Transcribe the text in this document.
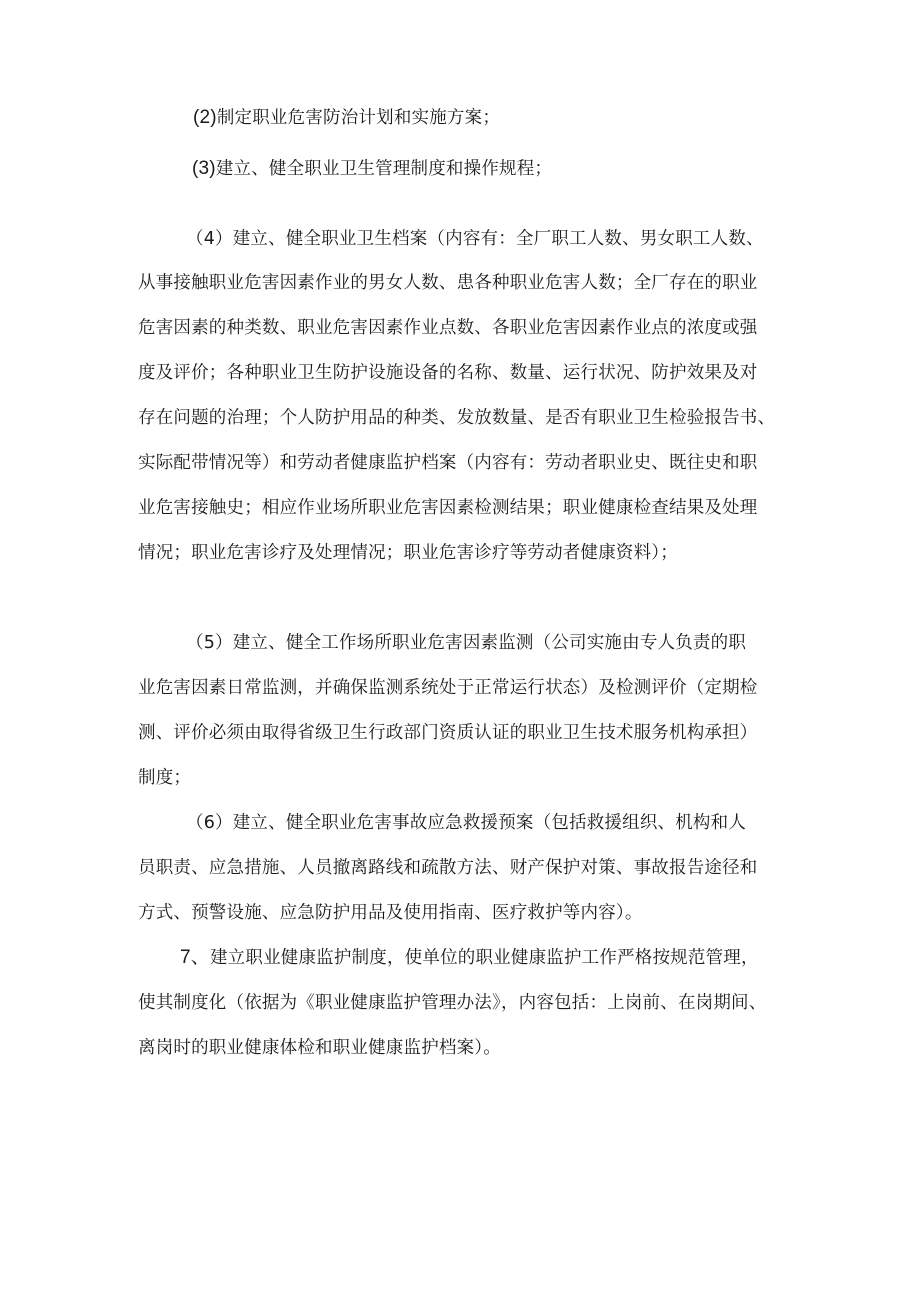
(2)制定职业危害防治计划和实施方案；
(3)建立、健全职业卫生管理制度和操作规程；
（4）建立、健全职业卫生档案（内容有：全厂职工人数、男女职工人数、
从事接触职业危害因素作业的男女人数、患各种职业危害人数；全厂存在的职业
危害因素的种类数、职业危害因素作业点数、各职业危害因素作业点的浓度或强
度及评价；各种职业卫生防护设施设备的名称、数量、运行状况、防护效果及对
存在问题的治理；个人防护用品的种类、发放数量、是否有职业卫生检验报告书、
实际配带情况等）和劳动者健康监护档案（内容有：劳动者职业史、既往史和职
业危害接触史；相应作业场所职业危害因素检测结果；职业健康检查结果及处理
情况；职业危害诊疗及处理情况；职业危害诊疗等劳动者健康资料）；
（5）建立、健全工作场所职业危害因素监测（公司实施由专人负责的职
业危害因素日常监测，并确保监测系统处于正常运行状态）及检测评价（定期检
测、评价必须由取得省级卫生行政部门资质认证的职业卫生技术服务机构承担）
制度；
（6）建立、健全职业危害事故应急救援预案（包括救援组织、机构和人
员职责、应急措施、人员撤离路线和疏散方法、财产保护对策、事故报告途径和
方式、预警设施、应急防护用品及使用指南、医疗救护等内容）。
7、建立职业健康监护制度，使单位的职业健康监护工作严格按规范管理，
使其制度化（依据为《职业健康监护管理办法》，内容包括：上岗前、在岗期间、
离岗时的职业健康体检和职业健康监护档案）。
